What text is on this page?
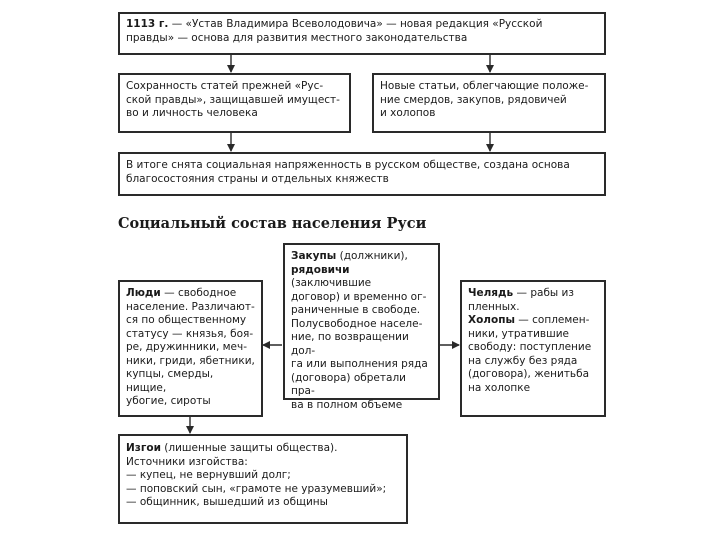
1113 г. — «Устав Владимира Всеволодовича» — новая редакция «Русской
правды» — основа для развития местного законодательства
Сохранность статей прежней «Рус-
ской правды», защищавшей имущест-
во и личность человека
Новые статьи, облегчающие положе-
ние смердов, закупов, рядовичей
и холопов
В итоге снята социальная напряженность в русском обществе, создана основа
благосостояния страны и отдельных княжеств
Социальный состав населения Руси
Люди — свободное
население. Различают-
ся по общественному
статусу — князья, боя-
ре, дружинники, меч-
ники, гриди, ябетники,
купцы, смерды, нищие,
убогие, сироты
Закупы (должники),
рядовичи (заключившие
договор) и временно ог-
раниченные в свободе.
Полусвободное населе-
ние, по возвращении дол-
га или выполнения ряда
(договора) обретали пра-
ва в полном объеме
Челядь — рабы из
пленных.
Холопы — соплемен-
ники, утратившие
свободу: поступление
на службу без ряда
(договора), женитьба
на холопке
Изгои (лишенные защиты общества).
Источники изгойства:
— купец, не вернувший долг;
— поповский сын, «грамоте не уразумевший»;
— общинник, вышедший из общины
